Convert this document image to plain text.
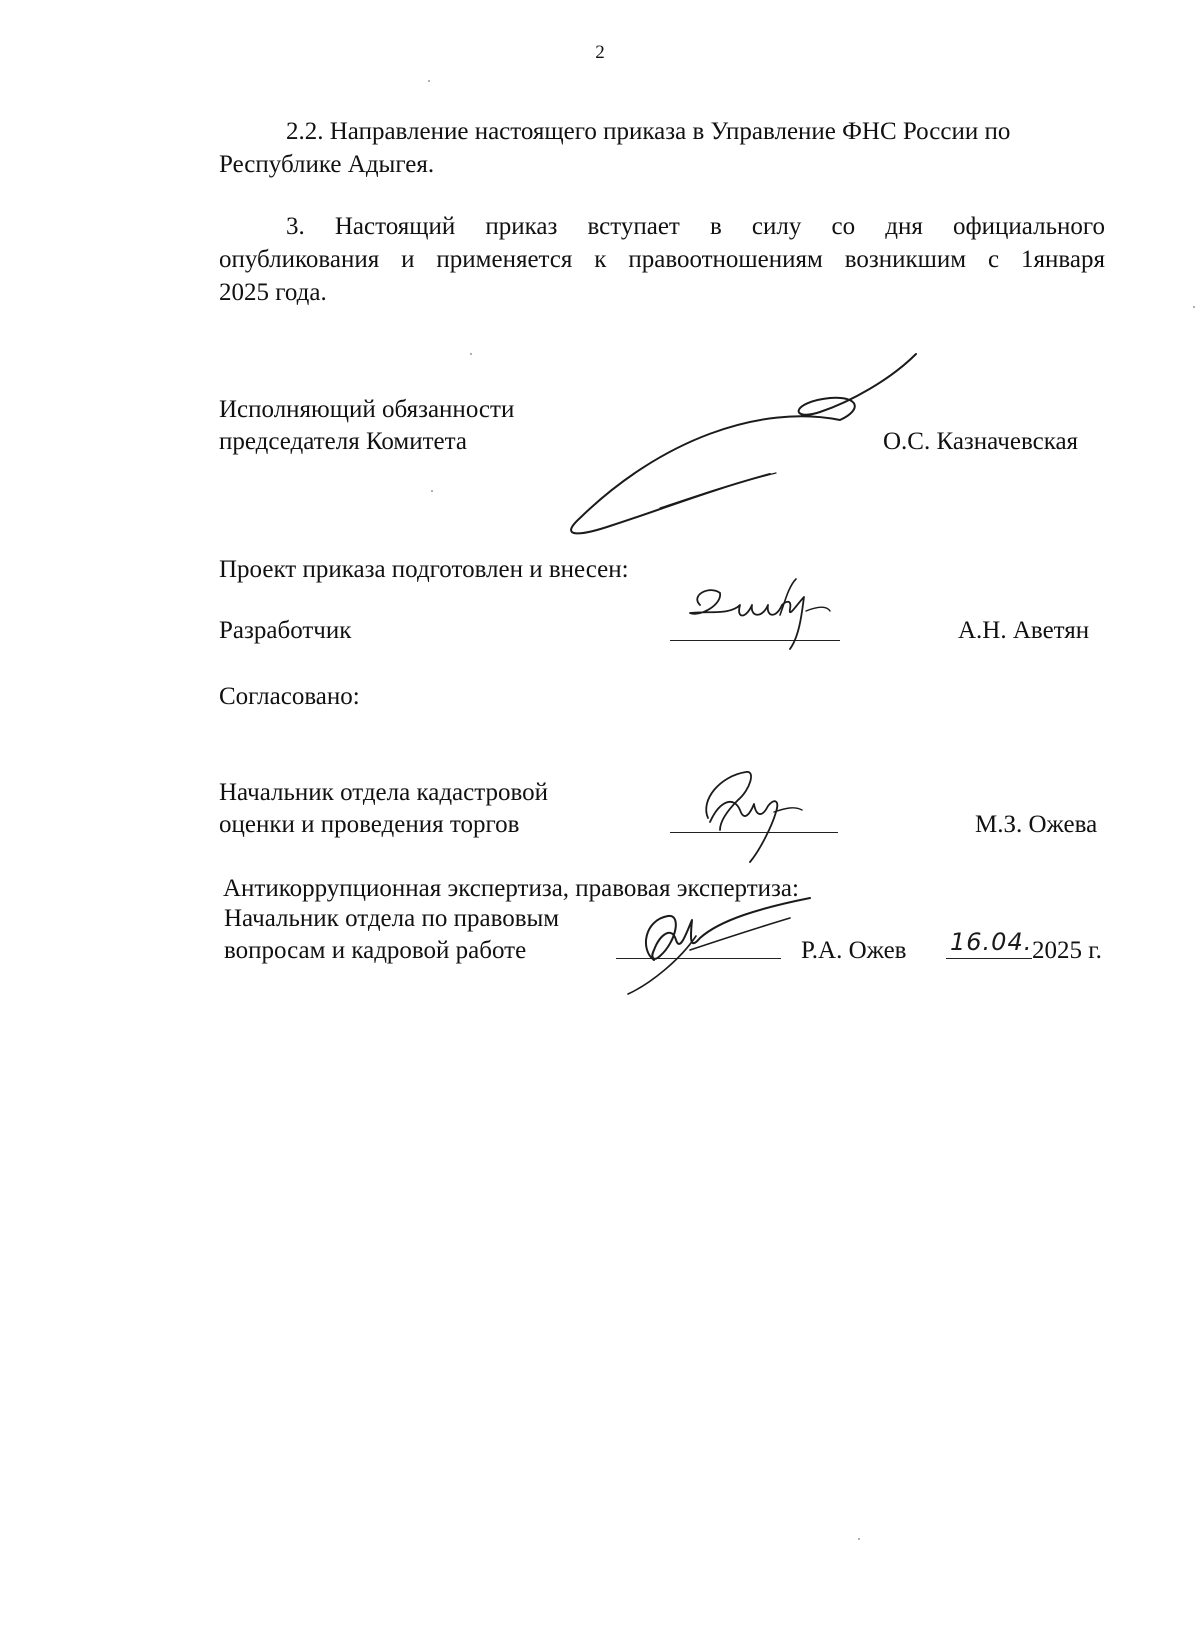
2
2.2. Направление настоящего приказа в Управление ФНС России по
Республике Адыгея.

3. Настоящий приказ вступает в силу со дня официального

опубликования и применяется к правоотношениям возникшим с 1января

2025 года.
Исполняющий обязанности
председателя Комитета	О.С. Казначевская
Проект приказа подготовлен и внесен:
Разработчик	А.Н. Аветян
Согласовано:
Начальник отдела кадастровой
оценки и проведения торгов	М.З. Ожева
Антикоррупционная экспертиза, правовая экспертиза:
Начальник отдела по правовым
вопросам и кадровой работе	Р.А. Ожев 16.04. 2025 г.
